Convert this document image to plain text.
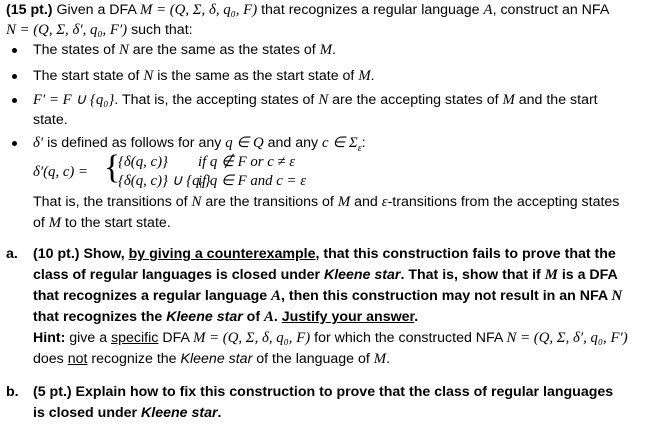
(15 pt.) Given a DFA M = (Q, Σ, δ, q₀, F) that recognizes a regular language A, construct an NFA
N = (Q, Σ, δ′, q₀, F′) such that:
The states of N are the same as the states of M.
The start state of N is the same as the start state of M.
F′ = F ∪ {q₀}. That is, the accepting states of N are the accepting states of M and the start
state.
δ′ is defined as follows for any q ∈ Q and any c ∈ $\Sigma_\varepsilon$:
δ′(q, c) = {
{δ(q, c)} if q ∉ F or c ≠ ε
{δ(q, c)} ∪ {q₀}
if q ∈ F and c = ε
That is, the transitions of N are the transitions of M and ε-transitions from the accepting states
of M to the start state.
a. (10 pt.) Show, by giving a counterexample, that this construction fails to prove that the
class of regular languages is closed under Kleene star. That is, show that if M is a DFA
that recognizes a regular language A, then this construction may not result in an NFA N
that recognizes the Kleene star of A. Justify your answer.
Hint: give a specific DFA M = (Q, Σ, δ, q₀, F) for which the constructed NFA N = (Q, Σ, δ′, q₀, F′)
does not recognize the Kleene star of the language of M.
b. (5 pt.) Explain how to fix this construction to prove that the class of regular languages
is closed under Kleene star.
